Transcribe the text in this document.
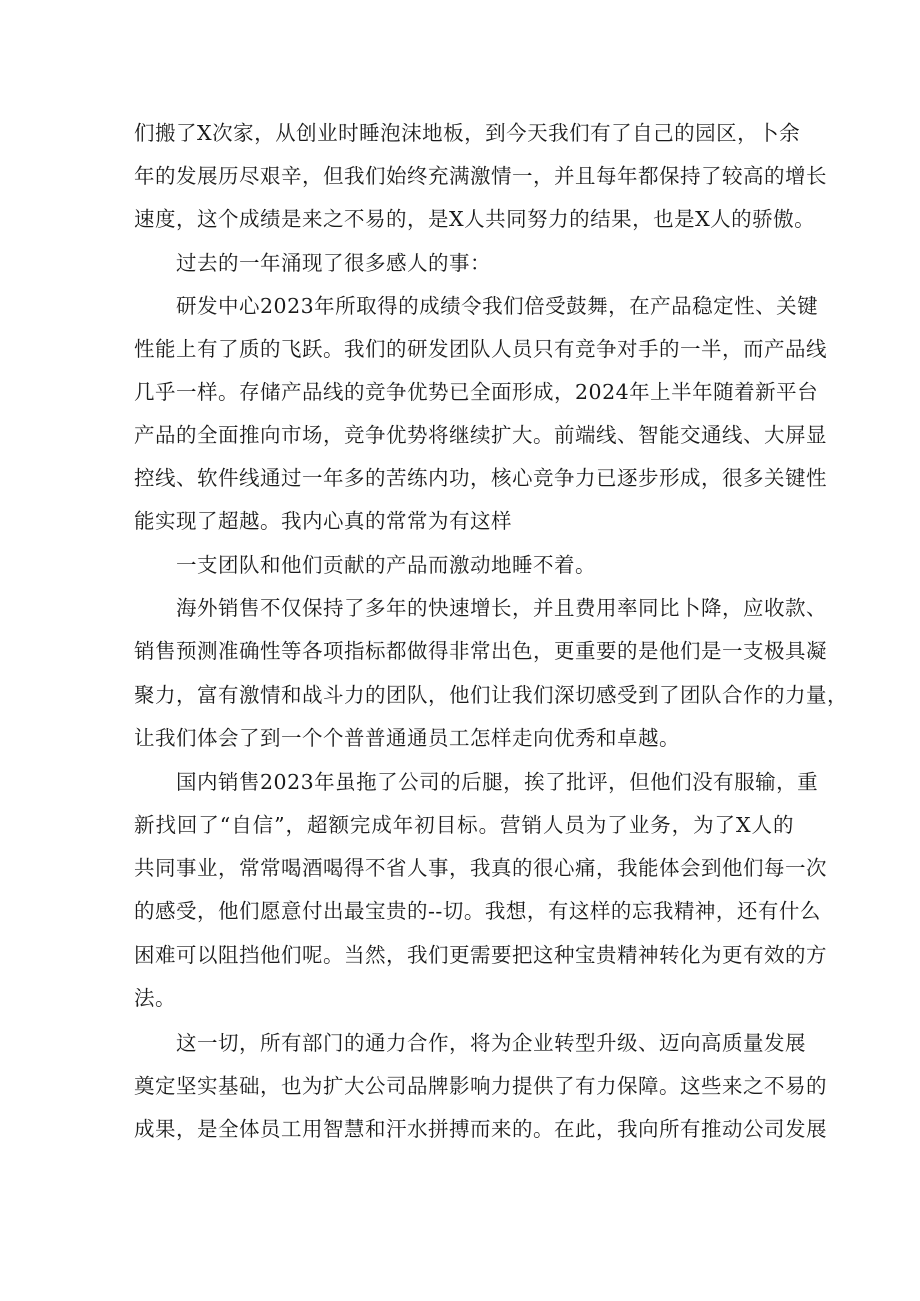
们搬了X次家，从创业时睡泡沫地板，到今天我们有了自己的园区，卜余
年的发展历尽艰辛，但我们始终充满激情一，并且每年都保持了较高的增长
速度，这个成绩是来之不易的，是X人共同努力的结果，也是X人的骄傲。
过去的一年涌现了很多感人的事：
研发中心2023年所取得的成绩令我们倍受鼓舞，在产品稳定性、关键
性能上有了质的飞跃。我们的研发团队人员只有竞争对手的一半，而产品线
几乎一样。存储产品线的竞争优势已全面形成，2024年上半年随着新平台
产品的全面推向市场，竞争优势将继续扩大。前端线、智能交通线、大屏显
控线、软件线通过一年多的苦练内功，核心竞争力已逐步形成，很多关键性
能实现了超越。我内心真的常常为有这样
一支团队和他们贡献的产品而激动地睡不着。
海外销售不仅保持了多年的快速增长，并且费用率同比卜降，应收款、
销售预测准确性等各项指标都做得非常出色，更重要的是他们是一支极具凝
聚力，富有激情和战斗力的团队，他们让我们深切感受到了团队合作的力量，
让我们体会了到一个个普普通通员工怎样走向优秀和卓越。
国内销售2023年虽拖了公司的后腿，挨了批评，但他们没有服输，重
新找回了“自信”，超额完成年初目标。营销人员为了业务，为了X人的
共同事业，常常喝酒喝得不省人事，我真的很心痛，我能体会到他们每一次
的感受，他们愿意付出最宝贵的--切。我想，有这样的忘我精神，还有什么
困难可以阻挡他们呢。当然，我们更需要把这种宝贵精神转化为更有效的方
法。
这一切，所有部门的通力合作，将为企业转型升级、迈向高质量发展
奠定坚实基础，也为扩大公司品牌影响力提供了有力保障。这些来之不易的
成果，是全体员工用智慧和汗水拼搏而来的。在此，我向所有推动公司发展
